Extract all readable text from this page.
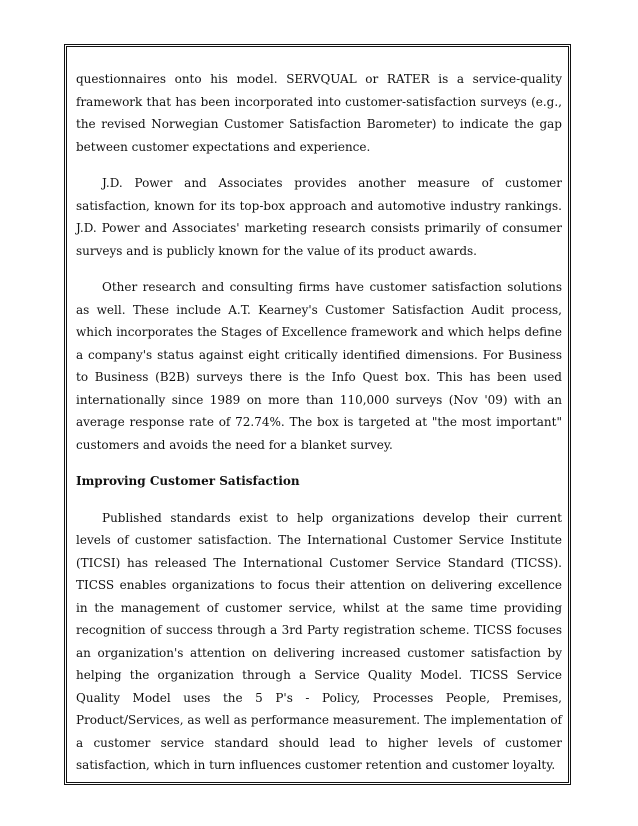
questionnaires onto his model. SERVQUAL or RATER is a service-quality framework that has been incorporated into customer-satisfaction surveys (e.g., the revised Norwegian Customer Satisfaction Barometer) to indicate the gap between customer expectations and experience.

J.D. Power and Associates provides another measure of customer satisfaction, known for its top-box approach and automotive industry rankings. J.D. Power and Associates' marketing research consists primarily of consumer surveys and is publicly known for the value of its product awards.

Other research and consulting firms have customer satisfaction solutions as well. These include A.T. Kearney's Customer Satisfaction Audit process, which incorporates the Stages of Excellence framework and which helps define a company's status against eight critically identified dimensions. For Business to Business (B2B) surveys there is the Info Quest box. This has been used internationally since 1989 on more than 110,000 surveys (Nov '09) with an average response rate of 72.74%. The box is targeted at "the most important" customers and avoids the need for a blanket survey.

Improving Customer Satisfaction

Published standards exist to help organizations develop their current levels of customer satisfaction. The International Customer Service Institute (TICSI) has released The International Customer Service Standard (TICSS). TICSS enables organizations to focus their attention on delivering excellence in the management of customer service, whilst at the same time providing recognition of success through a 3rd Party registration scheme. TICSS focuses an organization's attention on delivering increased customer satisfaction by helping the organization through a Service Quality Model. TICSS Service Quality Model uses the 5 P's - Policy, Processes People, Premises, Product/Services, as well as performance measurement. The implementation of a customer service standard should lead to higher levels of customer satisfaction, which in turn influences customer retention and customer loyalty.
